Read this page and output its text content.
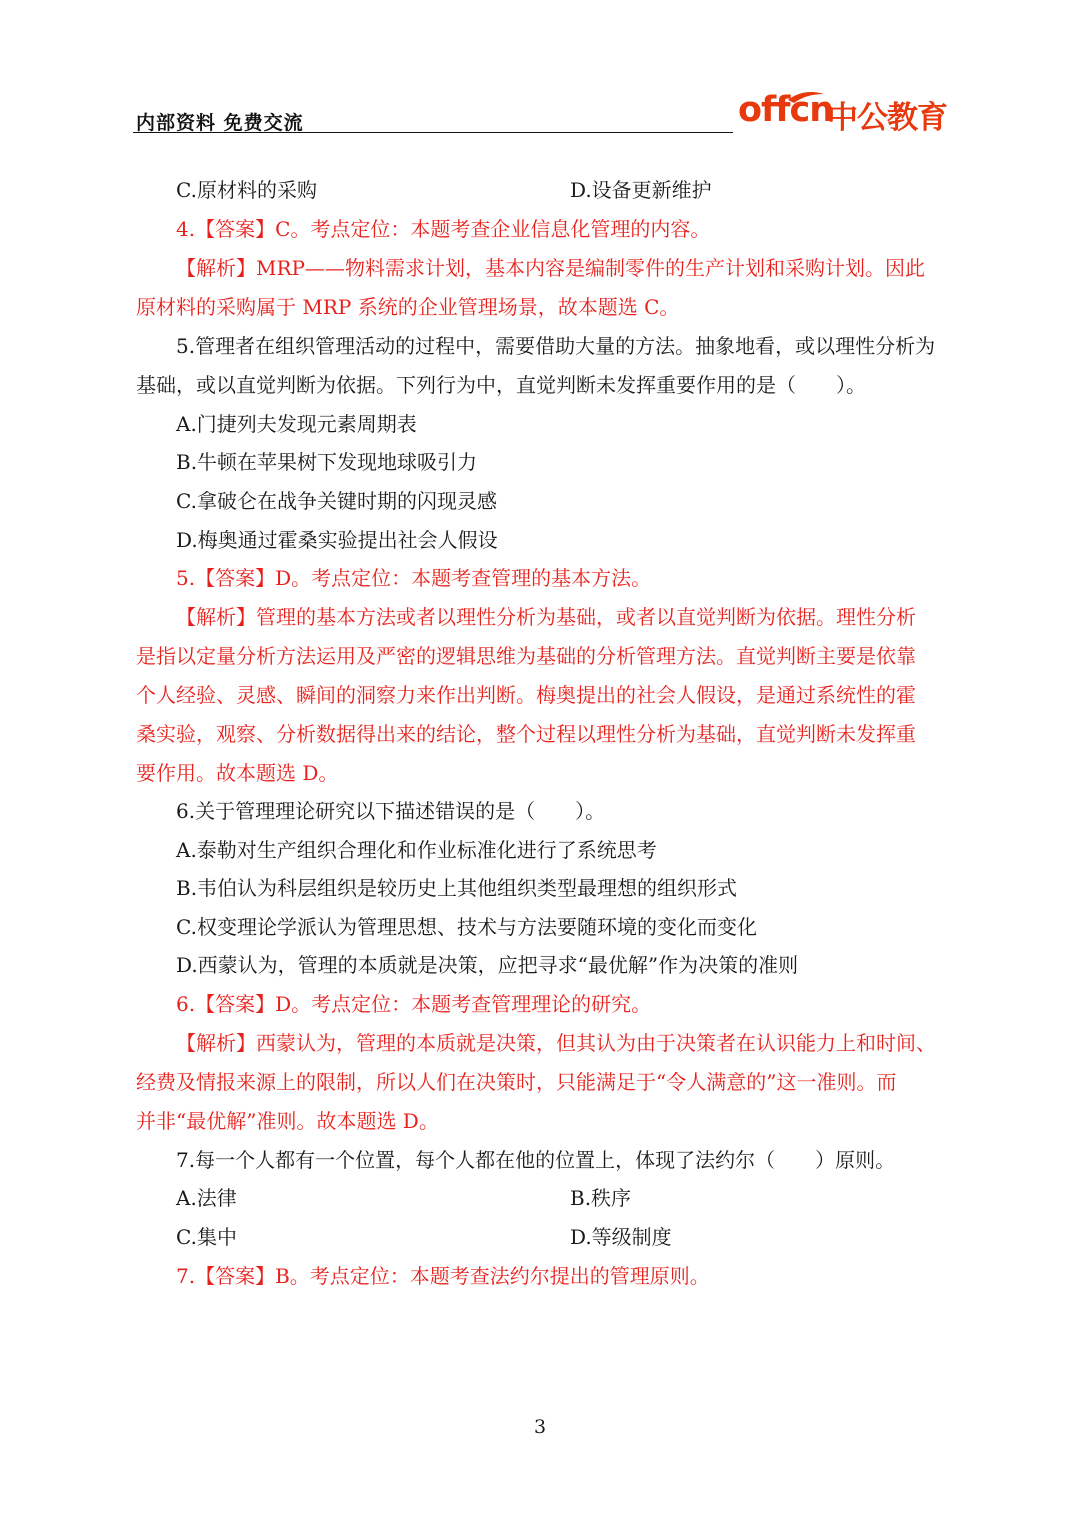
内部资料 免费交流	offcn
中公教育
C.原材料的采购	D.设备更新维护
4.【答案】C。考点定位：本题考查企业信息化管理的内容。
【解析】MRP——物料需求计划，基本内容是编制零件的生产计划和采购计划。因此
原材料的采购属于 MRP 系统的企业管理场景，故本题选 C。
5.管理者在组织管理活动的过程中，需要借助大量的方法。抽象地看，或以理性分析为
基础，或以直觉判断为依据。下列行为中，直觉判断未发挥重要作用的是（　　）。
A.门捷列夫发现元素周期表
B.牛顿在苹果树下发现地球吸引力
C.拿破仑在战争关键时期的闪现灵感
D.梅奥通过霍桑实验提出社会人假设
5.【答案】D。考点定位：本题考查管理的基本方法。
【解析】管理的基本方法或者以理性分析为基础，或者以直觉判断为依据。理性分析
是指以定量分析方法运用及严密的逻辑思维为基础的分析管理方法。直觉判断主要是依靠
个人经验、灵感、瞬间的洞察力来作出判断。梅奥提出的社会人假设，是通过系统性的霍
桑实验，观察、分析数据得出来的结论，整个过程以理性分析为基础，直觉判断未发挥重
要作用。故本题选 D。
6.关于管理理论研究以下描述错误的是（　　）。
A.泰勒对生产组织合理化和作业标准化进行了系统思考
B.韦伯认为科层组织是较历史上其他组织类型最理想的组织形式
C.权变理论学派认为管理思想、技术与方法要随环境的变化而变化
D.西蒙认为，管理的本质就是决策，应把寻求“最优解”作为决策的准则
6.【答案】D。考点定位：本题考查管理理论的研究。
【解析】西蒙认为，管理的本质就是决策，但其认为由于决策者在认识能力上和时间、
经费及情报来源上的限制，所以人们在决策时，只能满足于“令人满意的”这一准则。而
并非“最优解”准则。故本题选 D。
7.每一个人都有一个位置，每个人都在他的位置上，体现了法约尔（　　）原则。
A.法律	B.秩序
C.集中	D.等级制度
7.【答案】B。考点定位：本题考查法约尔提出的管理原则。
3
